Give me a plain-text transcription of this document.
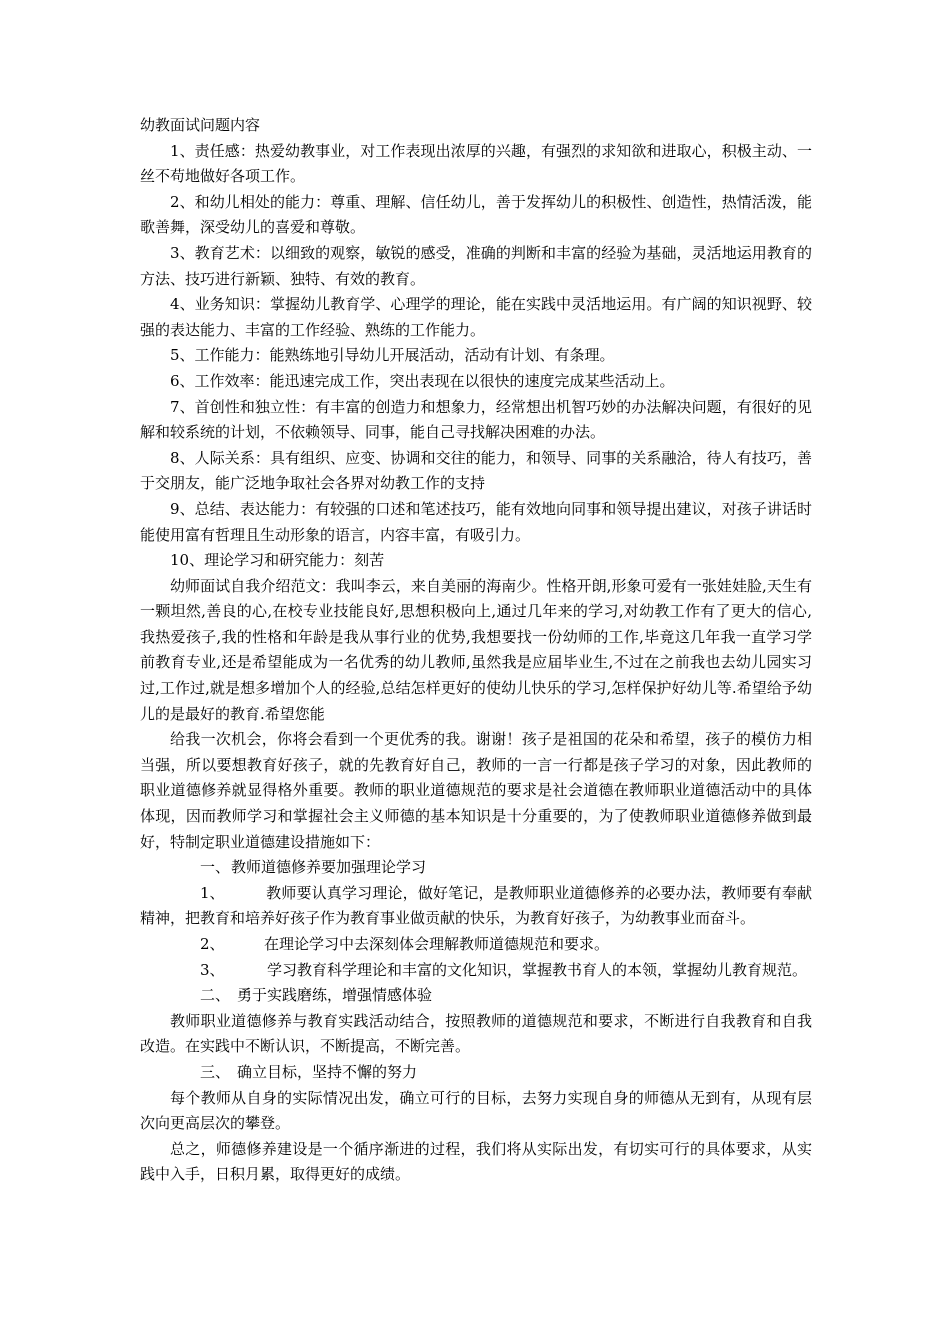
幼教面试问题内容

1、责任感：热爱幼教事业，对工作表现出浓厚的兴趣，有强烈的求知欲和进取心，积极主动、一丝不苟地做好各项工作。

2、和幼儿相处的能力：尊重、理解、信任幼儿，善于发挥幼儿的积极性、创造性，热情活泼，能歌善舞，深受幼儿的喜爱和尊敬。

3、教育艺术：以细致的观察，敏锐的感受，准确的判断和丰富的经验为基础，灵活地运用教育的方法、技巧进行新颖、独特、有效的教育。

4、业务知识：掌握幼儿教育学、心理学的理论，能在实践中灵活地运用。有广阔的知识视野、较强的表达能力、丰富的工作经验、熟练的工作能力。

5、工作能力：能熟练地引导幼儿开展活动，活动有计划、有条理。

6、工作效率：能迅速完成工作，突出表现在以很快的速度完成某些活动上。

7、首创性和独立性：有丰富的创造力和想象力，经常想出机智巧妙的办法解决问题，有很好的见解和较系统的计划，不依赖领导、同事，能自己寻找解决困难的办法。

8、人际关系：具有组织、应变、协调和交往的能力，和领导、同事的关系融洽，待人有技巧，善于交朋友，能广泛地争取社会各界对幼教工作的支持

9、总结、表达能力：有较强的口述和笔述技巧，能有效地向同事和领导提出建议，对孩子讲话时能使用富有哲理且生动形象的语言，内容丰富，有吸引力。

10、理论学习和研究能力：刻苦

幼师面试自我介绍范文：我叫李云，来自美丽的海南少。性格开朗,形象可爱有一张娃娃脸,天生有一颗坦然,善良的心,在校专业技能良好,思想积极向上,通过几年来的学习,对幼教工作有了更大的信心,我热爱孩子,我的性格和年龄是我从事行业的优势,我想要找一份幼师的工作,毕竟这几年我一直学习学前教育专业,还是希望能成为一名优秀的幼儿教师,虽然我是应届毕业生,不过在之前我也去幼儿园实习过,工作过,就是想多增加个人的经验,总结怎样更好的使幼儿快乐的学习,怎样保护好幼儿等.希望给予幼儿的是最好的教育.希望您能

给我一次机会，你将会看到一个更优秀的我。谢谢！孩子是祖国的花朵和希望，孩子的模仿力相当强，所以要想教育好孩子，就的先教育好自己，教师的一言一行都是孩子学习的对象，因此教师的职业道德修养就显得格外重要。教师的职业道德规范的要求是社会道德在教师职业道德活动中的具体体现，因而教师学习和掌握社会主义师德的基本知识是十分重要的，为了使教师职业道德修养做到最好，特制定职业道德建设措施如下：

一、教师道德修养要加强理论学习

1、	教师要认真学习理论，做好笔记，是教师职业道德修养的必要办法，教师要有奉献精神，把教育和培养好孩子作为教育事业做贡献的快乐，为教育好孩子，为幼教事业而奋斗。

2、	在理论学习中去深刻体会理解教师道德规范和要求。

3、	学习教育科学理论和丰富的文化知识，掌握教书育人的本领，掌握幼儿教育规范。

二、 勇于实践磨练，增强情感体验

教师职业道德修养与教育实践活动结合，按照教师的道德规范和要求，不断进行自我教育和自我改造。在实践中不断认识，不断提高，不断完善。

三、 确立目标，坚持不懈的努力

每个教师从自身的实际情况出发，确立可行的目标，去努力实现自身的师德从无到有，从现有层次向更高层次的攀登。

总之，师德修养建设是一个循序渐进的过程，我们将从实际出发，有切实可行的具体要求，从实践中入手，日积月累，取得更好的成绩。
